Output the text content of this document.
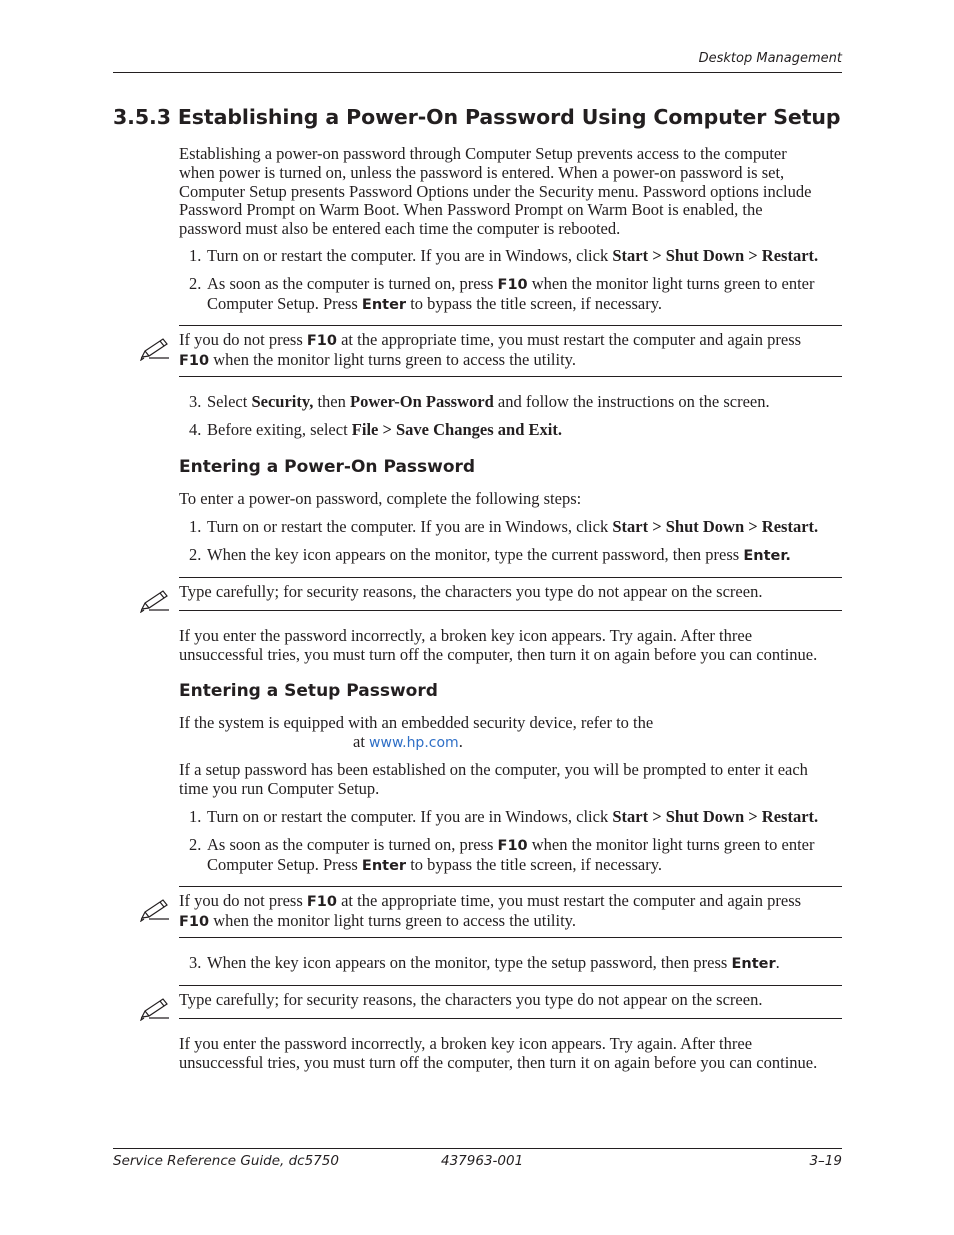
Desktop Management
3.5.3 Establishing a Power-On Password Using Computer Setup
Establishing a power-on password through Computer Setup prevents access to the computer
when power is turned on, unless the password is entered. When a power-on password is set,
Computer Setup presents Password Options under the Security menu. Password options include
Password Prompt on Warm Boot. When Password Prompt on Warm Boot is enabled, the
password must also be entered each time the computer is rebooted.
1. Turn on or restart the computer. If you are in Windows, click Start > Shut Down > Restart.
2. As soon as the computer is turned on, press F10 when the monitor light turns green to enter
Computer Setup. Press Enter to bypass the title screen, if necessary.
If you do not press F10 at the appropriate time, you must restart the computer and again press
F10 when the monitor light turns green to access the utility.
3. Select Security, then Power-On Password and follow the instructions on the screen.
4. Before exiting, select File > Save Changes and Exit.
Entering a Power-On Password
To enter a power-on password, complete the following steps:
1. Turn on or restart the computer. If you are in Windows, click Start > Shut Down > Restart.
2. When the key icon appears on the monitor, type the current password, then press Enter.
Type carefully; for security reasons, the characters you type do not appear on the screen.
If you enter the password incorrectly, a broken key icon appears. Try again. After three
unsuccessful tries, you must turn off the computer, then turn it on again before you can continue.
Entering a Setup Password
If the system is equipped with an embedded security device, refer to the
at www.hp.com.
If a setup password has been established on the computer, you will be prompted to enter it each
time you run Computer Setup.
1. Turn on or restart the computer. If you are in Windows, click Start > Shut Down > Restart.
2. As soon as the computer is turned on, press F10 when the monitor light turns green to enter
Computer Setup. Press Enter to bypass the title screen, if necessary.
If you do not press F10 at the appropriate time, you must restart the computer and again press
F10 when the monitor light turns green to access the utility.
3. When the key icon appears on the monitor, type the setup password, then press Enter.
Type carefully; for security reasons, the characters you type do not appear on the screen.
If you enter the password incorrectly, a broken key icon appears. Try again. After three
unsuccessful tries, you must turn off the computer, then turn it on again before you can continue.
Service Reference Guide, dc5750	437963-001	3–19
